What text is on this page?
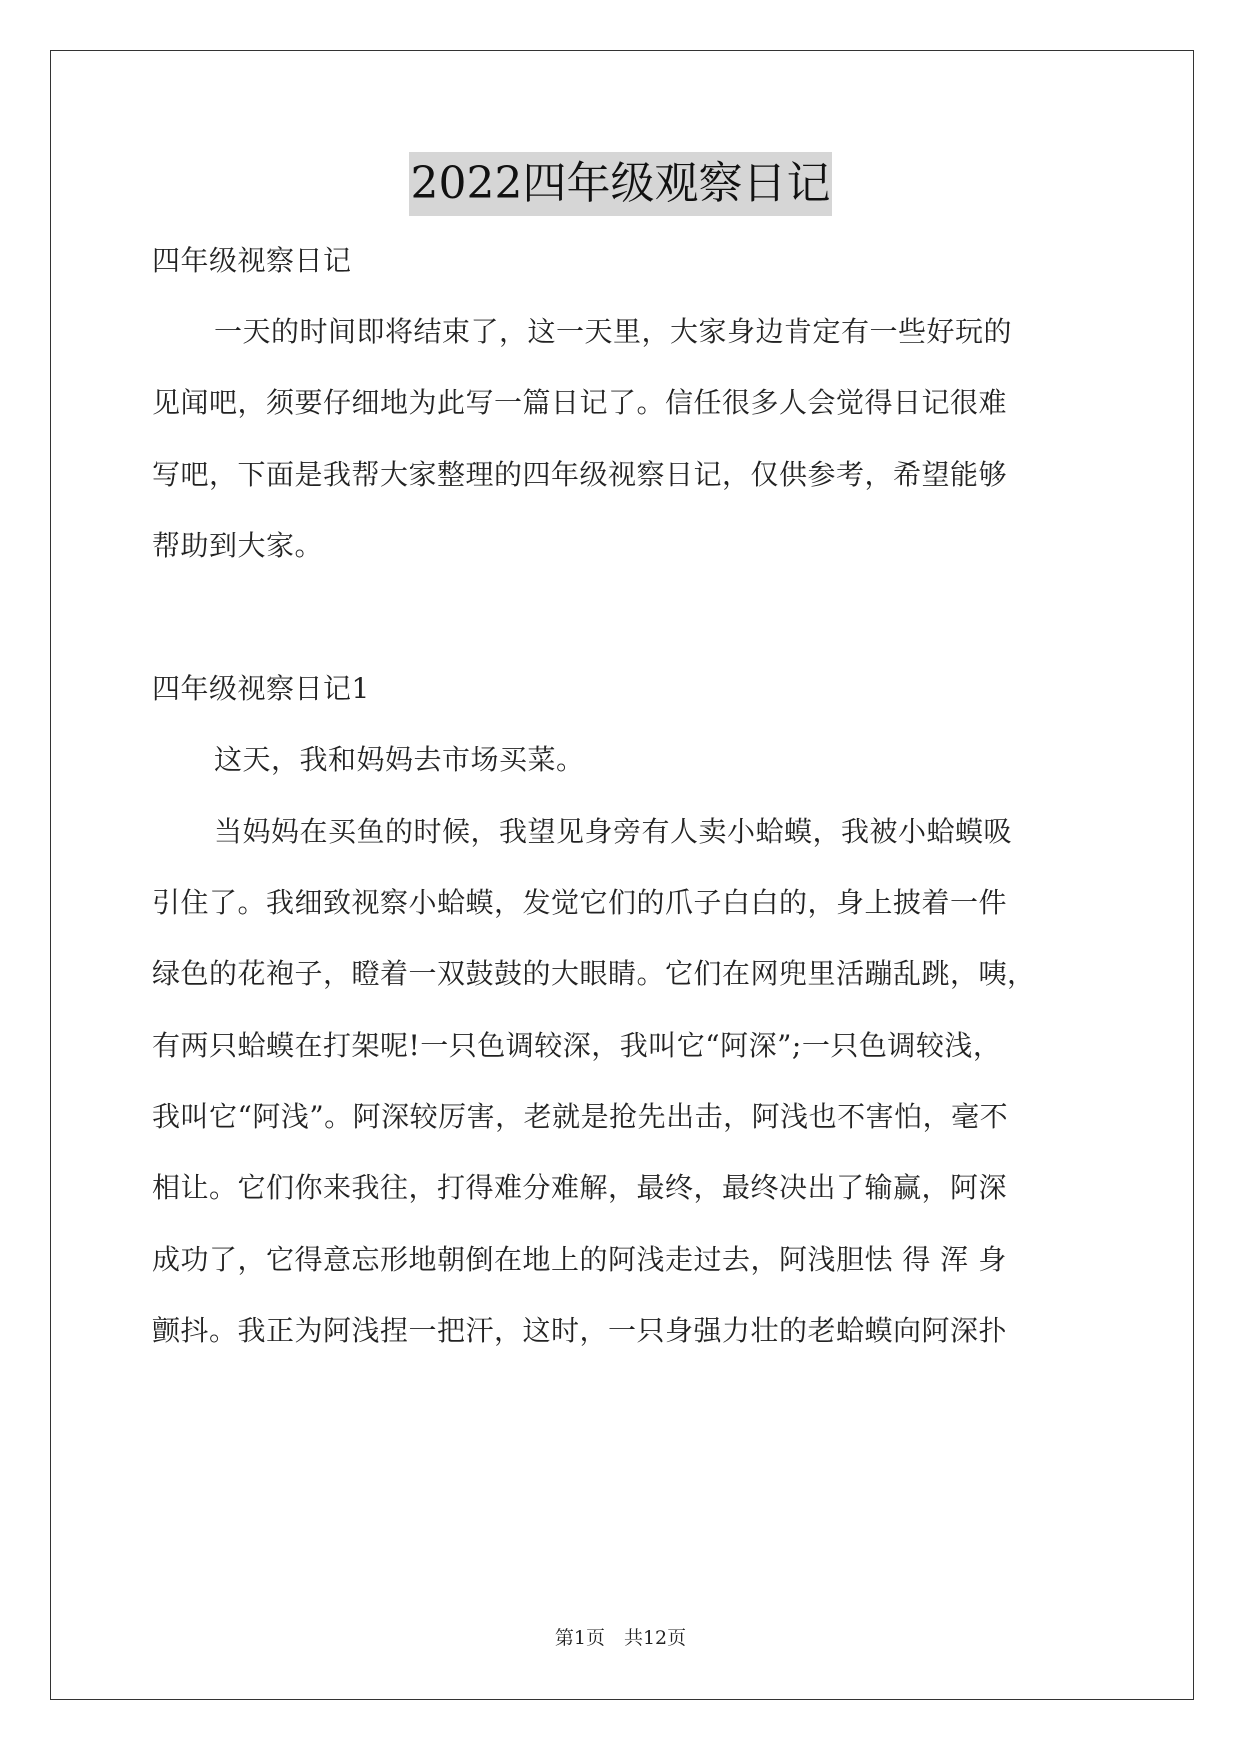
2022四年级观察日记
四年级视察日记
一天的时间即将结束了，这一天里，大家身边肯定有一些好玩的
见闻吧，须要仔细地为此写一篇日记了。信任很多人会觉得日记很难
写吧，下面是我帮大家整理的四年级视察日记，仅供参考，希望能够
帮助到大家。
四年级视察日记1
这天，我和妈妈去市场买菜。
当妈妈在买鱼的时候，我望见身旁有人卖小蛤蟆，我被小蛤蟆吸
引住了。我细致视察小蛤蟆，发觉它们的爪子白白的，身上披着一件
绿色的花袍子，瞪着一双鼓鼓的大眼睛。它们在网兜里活蹦乱跳，咦，
有两只蛤蟆在打架呢!一只色调较深，我叫它“阿深”;一只色调较浅，
我叫它“阿浅”。阿深较厉害，老就是抢先出击，阿浅也不害怕，毫不
相让。它们你来我往，打得难分难解，最终，最终决出了输赢，阿深
成功了，它得意忘形地朝倒在地上的阿浅走过去，阿浅胆怯 得 浑 身
颤抖。我正为阿浅捏一把汗，这时，一只身强力壮的老蛤蟆向阿深扑
第1页　共12页
